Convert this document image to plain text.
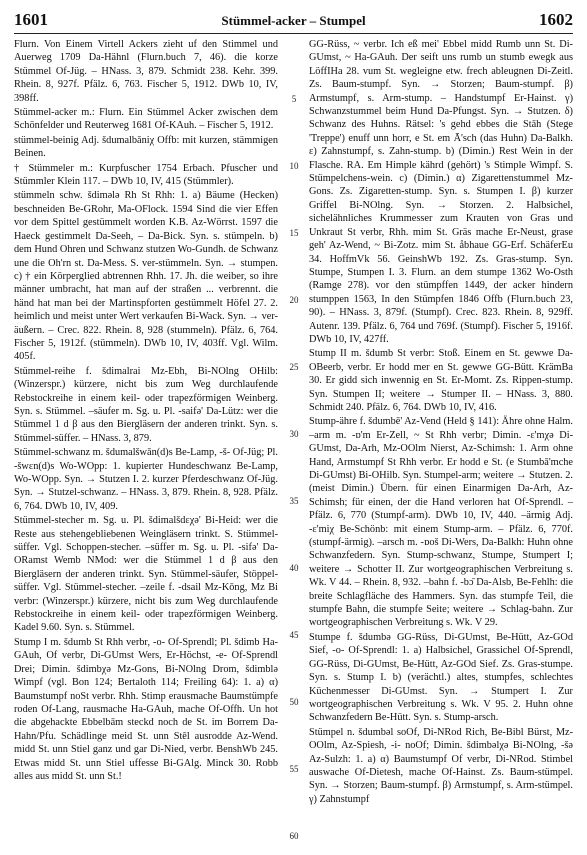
1601	Stümmel-acker – Stumpel	1602

Flurn. Von Einem Virtell Ackers zieht uf den Stimmel und Auerweg 1709 Da-Hähnl (Flurn.buch 7, 46). die korze Stümmel Of-Jüg. – HNass. 3, 879. Schmidt 238. Kehr. 399. Rhein. 8, 927f. Pfälz. 6, 763. Fischer 5, 1912. DWb 10, IV, 398ff.

Stümmel-acker m.: Flurn. Ein Stümmel Acker zwischen dem Schönfelder und Reuterweg 1681 Of-KAuh. – Fischer 5, 1912.

stümmel-beinig Adj. šdumalbāniχ Offb: mit kurzen, stämmigen Beinen.

† Stümmeler m.: Kurpfuscher 1754 Erbach. Pfuscher und Stümmler Klein 117. – DWb 10, IV, 415 (Stümmler).

stümmeln schw. šdimələ Rh St Rhh: 1. a) Bäume (Hecken) beschneiden Be-GRohr, Ma-OFlock. 1594 Sind die vier Effen vor dem Spittel gestümmelt worden K.B. Az-Wörrst. 1597 die Haeck gestimmelt Da-Seeh, – Da-Bick. Syn. s. stümpeln. b) dem Hund Ohren und Schwanz stutzen Wo-Gundh. de Schwanz une die Oh'rn st. Da-Mess. S. ver-stümmeln. Syn. → stumpen. c) † ein Körperglied abtrennen Rhh. 17. Jh. die weiber, so ihre männer umbracht, hat man auf der straßen ... verbrennt. die händ hat man bei der Martinspforten gestümmelt Höfel 27. 2. heimlich und meist unter Wert verkaufen Bi-Wack. Syn. → ver-äußern. – Crec. 822. Rhein. 8, 928 (stummeln). Pfälz. 6, 764. Fischer 5, 1912f. (stümmeln). DWb 10, IV, 403ff. Vgl. Wilm. 405f.

Stümmel-reihe f. šdimalrai Mz-Ebh, Bi-NOlng OHilb: (Winzerspr.) kürzere, nicht bis zum Weg durchlaufende Rebstockreihe in einem keil- oder trapezförmigen Weinberg. Syn. s. Stümmel. –säufer m. Sg. u. Pl. -saifə' Da-Lütz: wer die Stümmel 1 d β aus den Biergläsern der anderen trinkt. Syn. s. Stümmel-süffer. – HNass. 3, 879.

Stümmel-schwanz m. šdumalšwān(d)s Be-Lamp, -š- Of-Jüg; Pl. -šwɛn(d)s Wo-WOpp: 1. kupierter Hundeschwanz Be-Lamp, Wo-WOpp. Syn. → Stutzen I. 2. kurzer Pferdeschwanz Of-Jüg. Syn. → Stutzel-schwanz. – HNass. 3, 879. Rhein. 8, 928. Pfälz. 6, 764. DWb 10, IV, 409.

Stümmel-stecher m. Sg. u. Pl. šdimalšdɛχə' Bi-Heid: wer die Reste aus stehengebliebenen Weingläsern trinkt. S. Stümmel-süffer. Vgl. Schoppen-stecher. –süffer m. Sg. u. Pl. -sifə' Da-ORamst Wemb NMod: wer die Stümmel 1 d β aus den Biergläsern der anderen trinkt. Syn. Stümmel-säufer, Stöppel-süffer. Vgl. Stümmel-stecher. –zeile f. -dsail Mz-Kōng, Mz Bi verbr: (Winzerspr.) kürzere, nicht bis zum Weg durchlaufende Rebstockreihe in einem keil- oder trapezförmigen Weinberg. Kadel 9.60. Syn. s. Stümmel.

Stump I m. šdumb St Rhh verbr, -o- Of-Sprendl; Pl. šdimb Ha-GAuh, Of verbr, Di-GUmst Wers, Er-Höchst, -e- Of-Sprendl Drei; Dimin. šdimbχə Mz-Gons, Bi-NOlng Drom, šdimblə Wimpf (vgl. Bon 124; Bertaloth 114; Freiling 64): 1. a) α) Baumstumpf noSt verbr. Rhh. Stimp erausmache Baumstümpfe roden Of-Lang, rausmache Ha-GAuh, mache Of-Offh. Un hot die abgehackte Ebbelbām steckd noch de St. im Borrem Da-Hahn/Pfu. Schädlinge meid St. unn Stēl ausrodde Az-Wend. midd St. unn Stiel ganz und gar Di-Nied, verbr. BenshWb 245. Etwas midd St. unn Stiel uffesse Bi-GAlg. Minck 30. Robb alles aus midd St. unn St.!

5
10
15
20
25
30
35
40
45
50
55
60

GG-Rüss, ~ verbr. Ich eß mei' Ebbel midd Rumb unn St. Di-GUmst, ~ Ha-GAuh. Der seift uns rumb un stumb ewegk aus LöffIHa 28. vum St. wegleigne etw. frech ableugnen Di-Zeitl. Zs. Baum-stumpf. Syn. → Storzen; Baum-stumpf. β) Armstumpf, s. Arm-stump. – Handstumpf Er-Hainst. γ) Schwanzstummel beim Hund Da-Pfungst. Syn. → Stutzen. δ) Schwanz des Huhns. Rätsel: 's gehd ebbes die Stāh (Stege 'Treppe') enuff unn horr, e St. em Ā'sch (das Huhn) Da-Balkh. ε) Zahnstumpf, s. Zahn-stump. b) (Dimin.) Rest Wein in der Flasche. RA. Em Himple kährd (gehört) 's Stimple Wimpf. S. Stümpelchens-wein. c) (Dimin.) α) Zigarettenstummel Mz-Gons. Zs. Zigaretten-stump. Syn. s. Stumpen I. β) kurzer Griffel Bi-NOlng. Syn. → Storzen. 2. Halbsichel, sichelähnliches Krummesser zum Krauten von Gras und Unkraut St verbr, Rhh. mim St. Gräs mache Er-Neust, grase geh' Az-Wend, ~ Bi-Zotz. mim St. åbhaue GG-Erf. SchäferEu 34. HoffmVk 56. GeinshWb 192. Zs. Gras-stump. Syn. Stumpe, Stumpen I. 3. Flurn. an dem stumpe 1362 Wo-Osth (Ramge 278). vor den stümpffen 1449, der acker hindern stumppen 1563, In den Stümpfen 1846 Offb (Flurn.buch 23, 90). – HNass. 3, 879f. (Stumpf). Crec. 823. Rhein. 8, 929ff. Autenr. 139. Pfälz. 6, 764 und 769f. (Stumpf). Fischer 5, 1916f. DWb 10, IV, 427ff.

Stump II m. šdumb St verbr: Stoß. Einem en St. gewwe Da-OBeerb, verbr. Er hodd mer en St. gewwe GG-Bütt. KrämBa 30. Er gidd sich inwennig en St. Er-Momt. Zs. Rippen-stump. Syn. Stumpen II; weitere → Stumper II. – HNass. 3, 880. Schmidt 240. Pfälz. 6, 764. DWb 10, IV, 416.

Stump-ähre f. šdumbē' Az-Vend (Held § 141): Ähre ohne Halm. –arm m. -ɒ'm Er-Zell, ~ St Rhh verbr; Dimin. -ɛ'mχə Di-GUmst, Da-Arh, Mz-OOlm Nierst, Az-Schimsh: 1. Arm ohne Hand, Armstumpf St Rhh verbr. Er hodd e St. (e Stumbā'mche Di-GUmst) Bi-OHilb. Syn. Stumpel-arm; weitere → Stutzen. 2. (meist Dimin.) Übern. für einen Einarmigen Da-Arh, Az-Schimsh; für einen, der die Hand verloren hat Of-Sprendl. – Pfälz. 6, 770 (Stumpf-arm). DWb 10, IV, 440. –ärmig Adj. -ɛ'miχ Be-Schönb: mit einem Stump-arm. – Pfälz. 6, 770f. (stumpf-ärmig). –arsch m. -ɒoš Di-Wers, Da-Balkh: Huhn ohne Schwanzfedern. Syn. Stump-schwanz, Stumpe, Stumpert I; weitere → Schotter II. Zur wortgeographischen Verbreitung s. Wk. V 44. – Rhein. 8, 932. –bahn f. -bɔ̄ Da-Alsb, Be-Fehlh: die breite Schlagfläche des Hammers. Syn. das stumpfe Teil, die stumpfe Bahn, die stumpfe Seite; weitere → Schlag-bahn. Zur wortgeographischen Verbreitung s. Wk. V 29.

Stumpe f. šdumbə GG-Rüss, Di-GUmst, Be-Hütt, Az-GOd Sief, -o- Of-Sprendl: 1. a) Halbsichel, Grassichel Of-Sprendl, GG-Rüss, Di-GUmst, Be-Hütt, Az-GOd Sief. Zs. Gras-stumpe. Syn. s. Stump I. b) (verächtl.) altes, stumpfes, schlechtes Küchenmesser Di-GUmst. Syn. → Stumpert I. Zur wortgeographischen Verbreitung s. Wk. V 95. 2. Huhn ohne Schwanzfedern Be-Hütt. Syn. s. Stump-arsch.

Stümpel n. šdumbəl soOf, Di-NRod Rich, Be-Bibl Bürst, Mz-OOlm, Az-Spiesh, -i- noOf; Dimin. šdimbəlχə Bi-NOlng, -šə Az-Sulzh: 1. a) α) Baumstumpf Of verbr, Di-NRod. Stimbel auswache Of-Dietesh, mache Of-Hainst. Zs. Baum-stümpel. Syn. → Storzen; Baum-stumpf. β) Armstumpf, s. Arm-stümpel. γ) Zahnstumpf
